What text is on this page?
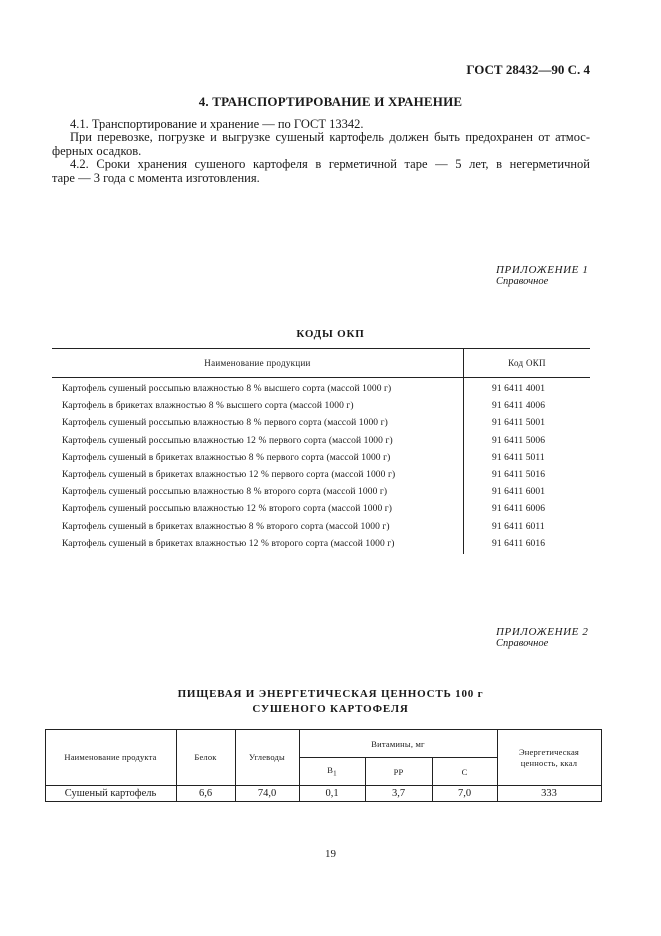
ГОСТ 28432—90 С. 4
4. ТРАНСПОРТИРОВАНИЕ И ХРАНЕНИЕ
4.1. Транспортирование и хранение — по ГОСТ 13342.
При перевозке, погрузке и выгрузке сушеный картофель должен быть предохранен от атмос-
ферных осадков.
4.2. Сроки хранения сушеного картофеля в герметичной таре — 5 лет, в негерметичной
таре — 3 года с момента изготовления.
ПРИЛОЖЕНИЕ 1
Справочное
КОДЫ ОКП
Наименование продукции	Код ОКП
Картофель сушеный россыпью влажностью 8 % высшего сорта (массой 1000 г)	91 6411 4001
Картофель в брикетах влажностью 8 % высшего сорта (массой 1000 г)	91 6411 4006
Картофель сушеный россыпью влажностью 8 % первого сорта (массой 1000 г)	91 6411 5001
Картофель сушеный россыпью влажностью 12 % первого сорта (массой 1000 г)	91 6411 5006
Картофель сушеный в брикетах влажностью 8 % первого сорта (массой 1000 г)	91 6411 5011
Картофель сушеный в брикетах влажностью 12 % первого сорта (массой 1000 г)	91 6411 5016
Картофель сушеный россыпью влажностью 8 % второго сорта (массой 1000 г)	91 6411 6001
Картофель сушеный россыпью влажностью 12 % второго сорта (массой 1000 г)	91 6411 6006
Картофель сушеный в брикетах влажностью 8 % второго сорта (массой 1000 г)	91 6411 6011
Картофель сушеный в брикетах влажностью 12 % второго сорта (массой 1000 г)	91 6411 6016
ПРИЛОЖЕНИЕ 2
Справочное
ПИЩЕВАЯ И ЭНЕРГЕТИЧЕСКАЯ ЦЕННОСТЬ 100 г
СУШЕНОГО КАРТОФЕЛЯ
Наименование продукта	Белок	Углеводы
Витамины, мг
$B_1$	PP	C
Энергетическая
ценность, ккал
Сушеный картофель	6,6	74,0	0,1	3,7	7,0	333
19
